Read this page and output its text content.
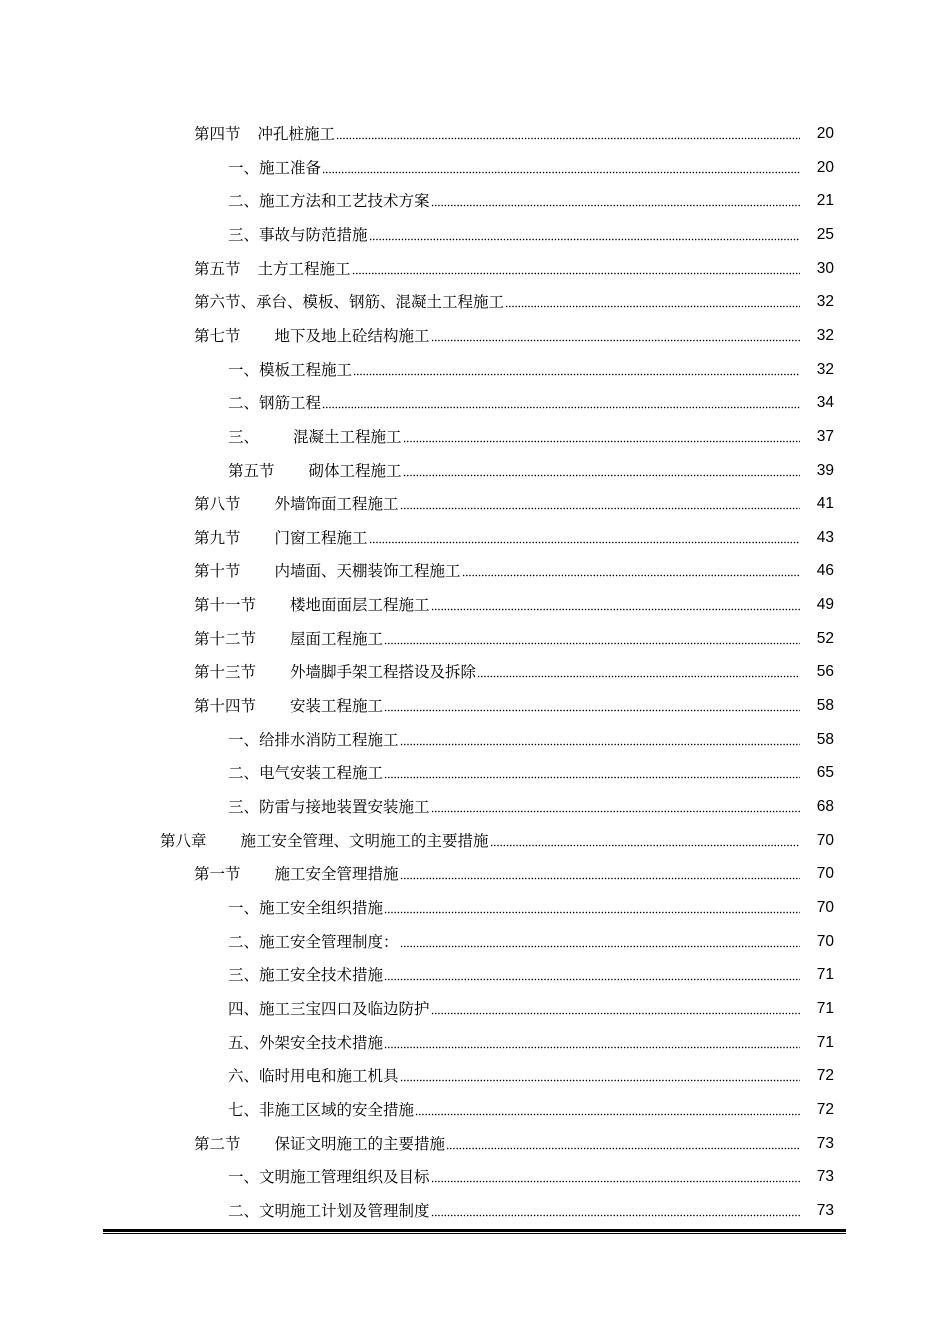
第四节 冲孔桩施工	20
一、施工准备	20
二、施工方法和工艺技术方案	21
三、事故与防范措施	25
第五节 土方工程施工	30
第六节、承台、模板、钢筋、混凝土工程施工	32
第七节 地下及地上砼结构施工	32
一、模板工程施工	32
二、钢筋工程	34
三、 混凝土工程施工	37
第五节 砌体工程施工	39
第八节 外墙饰面工程施工	41
第九节 门窗工程施工	43
第十节 内墙面、天棚装饰工程施工	46
第十一节 楼地面面层工程施工	49
第十二节 屋面工程施工	52
第十三节 外墙脚手架工程搭设及拆除	56
第十四节 安装工程施工	58
一、给排水消防工程施工	58
二、电气安装工程施工	65
三、防雷与接地装置安装施工	68
第八章 施工安全管理、文明施工的主要措施	70
第一节 施工安全管理措施	70
一、施工安全组织措施	70
二、施工安全管理制度：	70
三、施工安全技术措施	71
四、施工三宝四口及临边防护	71
五、外架安全技术措施	71
六、临时用电和施工机具	72
七、非施工区域的安全措施	72
第二节 保证文明施工的主要措施	73
一、文明施工管理组织及目标	73
二、文明施工计划及管理制度	73
